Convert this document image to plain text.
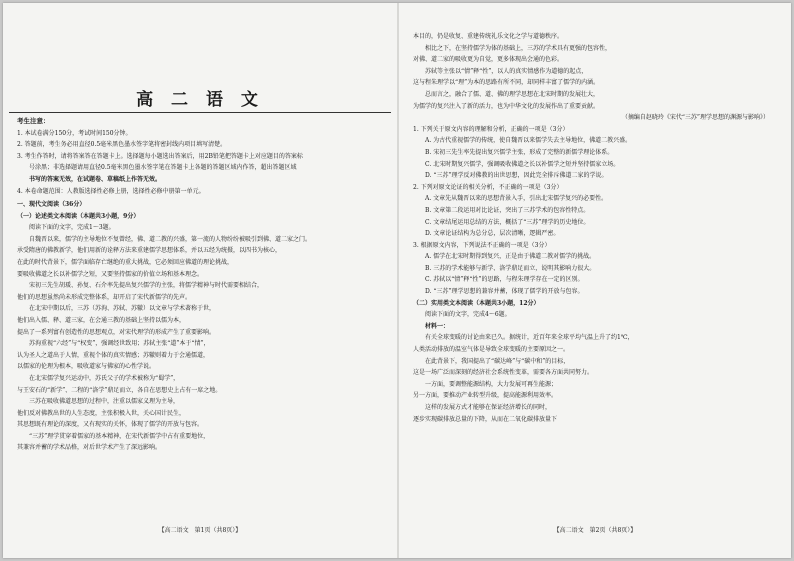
高 二 语 文
考生注意：
1. 本试卷满分150分，考试时间150分钟。
2. 答题前，考生务必用直径0.5毫米黑色墨水签字笔将密封线内项目填写清楚。
3. 考生作答时，请将答案答在答题卡上。选择题每小题选出答案后，用2B铅笔把答题卡上对应题目的答案标
号涂黑；非选择题请用直径0.5毫米黑色墨水签字笔在答题卡上各题的答题区域内作答，超出答题区域
书写的答案无效，在试题卷、草稿纸上作答无效。
4. 本卷命题范围：人教版选择性必修上册，选择性必修中册第一单元。
一、现代文阅读（36分）
（一）论述类文本阅读（本题共3小题，9分）
阅读下面的文字，完成1～3题。
自魏晋以来，儒学的主导地位不复曾经，佛、道二教的兴盛，第一流的人物纷纷被吸引到佛、道二家之门。
承受隋唐的佛教新学，他们用新的诠释方法来重建儒学思想体系，并以五经为统摄，以四书为核心，
在此的时代背景下，儒学面临存亡继绝的重大挑战，它必须回应佛道的理论挑战，
要吸收佛道之长以补儒学之短，又要坚持儒家的价值立场和基本理念。
宋初三先生胡瑗、孙复、石介率先提出复兴儒学的主张，将儒学精神与时代需要相结合，
他们的思想虽然尚未形成完整体系，却开启了宋代新儒学的先声。
在北宋中期以后，三苏（苏洵、苏轼、苏辙）以文章与学术著称于世，
他们出入儒、释、道三家，在会通三教的基础上坚持以儒为本，
提出了一系列富有创造性的思想观点，对宋代理学的形成产生了重要影响。
苏洵重视“六经”与“权变”，强调经世致用；苏轼主张“道”本于“情”，
认为圣人之道出于人情，重视个体的真实情感；苏辙则着力于会通儒道，
以儒家的伦理为根本，吸收道家与佛家的心性学说。
在北宋儒学复兴运动中，苏氏父子的学术被称为“蜀学”，
与王安石的“新学”、二程的“洛学”鼎足而立，各自在思想史上占有一席之地。
三苏在吸收佛道思想的过程中，注重以儒家义理为主导，
他们反对佛教出世的人生态度，主张积极入世，关心国计民生，
其思想既有理论的深度，又有现实的关怀，体现了儒学的开放与包容。
“三苏”理学贯穿着儒家的基本精神，在宋代新儒学中占有重要地位，
其兼容并蓄的学术品格，对后世学术产生了深远影响。
【高二语文　第1页（共8页）】
本目的，仍是收复、重建传统礼乐文化之学与道德秩序。
相比之下，在坚持儒学为体的基础上，三苏的学术具有更强的包容性，
对佛、道二家的吸收更为自觉，更多体现出会通的色彩。
苏轼等主张以“情”释“性”，以人的真实情感作为道德的起点，
这与程朱理学以“理”为本的思路有所不同，却同样丰富了儒学的内涵。
总而言之，融合了儒、道、佛的理学思想在北宋时期的发展壮大，
为儒学的复兴注入了新的活力，也为中华文化的发展作出了重要贡献。
（摘编自赵晓玲《宋代“三苏”理学思想的渊源与影响》）
1. 下列关于原文内容的理解和分析，正确的一项是（3分）
A. 为古代重视儒学的传统，使自魏晋以来儒学失去主导地位，佛道二教兴盛。
B. 宋初三先生率先提出复兴儒学主张，形成了完整的新儒学理论体系。
C. 北宋时期复兴儒学，强调吸收佛道之长以补儒学之短并坚持儒家立场。
D. “三苏”理学反对佛教的出世思想，因此完全排斥佛道二家的学说。
2. 下列对原文论证的相关分析，不正确的一项是（3分）
A. 文章先从魏晋以来的思想背景入手，引出北宋儒学复兴的必要性。
B. 文章第二段运用对比论证，突出了三苏学术的包容性特点。
C. 文章结尾运用总结的方法，概括了“三苏”理学的历史地位。
D. 文章论证结构为总分总，层次清晰，逻辑严密。
3. 根据原文内容，下列说法不正确的一项是（3分）
A. 儒学在北宋时期得到复兴，正是由于佛道二教对儒学的挑战。
B. 三苏的学术能够与新学、洛学鼎足而立，说明其影响力很大。
C. 苏轼以“情”释“性”的思路，与程朱理学存在一定的区别。
D. “三苏”理学思想的兼容并蓄，体现了儒学的开放与包容。
（二）实用类文本阅读（本题共3小题，12分）
阅读下面的文字，完成4～6题。
材料一：
有关全球变暖的讨论由来已久。据统计，近百年来全球平均气温上升了约1℃，
人类活动排放的温室气体是导致全球变暖的主要原因之一。
在此背景下，我国提出了“碳达峰”与“碳中和”的目标，
这是一场广泛而深刻的经济社会系统性变革，需要各方面共同努力。
一方面，要调整能源结构，大力发展可再生能源；
另一方面，要推动产业转型升级，提高能源利用效率。
这样的发展方式才能够在保证经济增长的同时，
逐步实现碳排放总量的下降，从而在二氧化碳排放量下
【高二语文　第2页（共8页）】
